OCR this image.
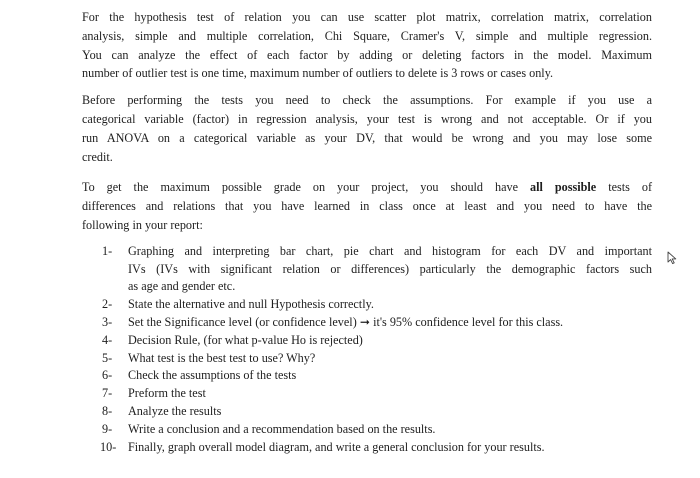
For the hypothesis test of relation you can use scatter plot matrix, correlation matrix, correlation
analysis, simple and multiple correlation, Chi Square, Cramer's V, simple and multiple regression.
You can analyze the effect of each factor by adding or deleting factors in the model. Maximum
number of outlier test is one time, maximum number of outliers to delete is 3 rows or cases only.

Before performing the tests you need to check the assumptions. For example if you use a
categorical variable (factor) in regression analysis, your test is wrong and not acceptable. Or if you
run ANOVA on a categorical variable as your DV, that would be wrong and you may lose some
credit.

To get the maximum possible grade on your project, you should have all possible tests of
differences and relations that you have learned in class once at least and you need to have the
following in your report:

1-	Graphing and interpreting bar chart, pie chart and histogram for each DV and important
IVs (IVs with significant relation or differences) particularly the demographic factors such
as age and gender etc.
2-	State the alternative and null Hypothesis correctly.
3-	Set the Significance level (or confidence level) ➞ it's 95% confidence level for this class.
4-	Decision Rule, (for what p-value Ho is rejected)
5-	What test is the best test to use? Why?
6-	Check the assumptions of the tests
7-	Preform the test
8-	Analyze the results
9-	Write a conclusion and a recommendation based on the results.
10- Finally, graph overall model diagram, and write a general conclusion for your results.
